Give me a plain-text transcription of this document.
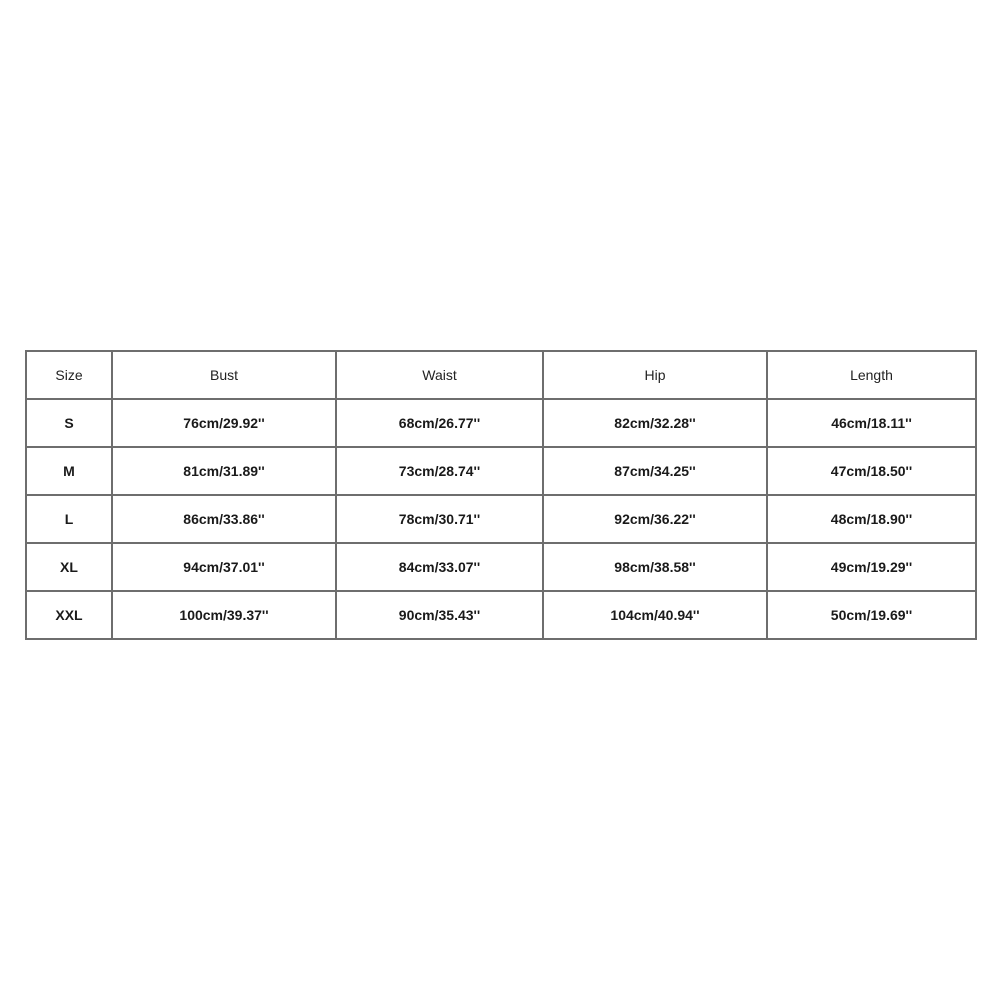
Size	Bust	Waist	Hip	Length
S	76cm/29.92''	68cm/26.77''	82cm/32.28''	46cm/18.11''
M	81cm/31.89''	73cm/28.74''	87cm/34.25''	47cm/18.50''
L	86cm/33.86''	78cm/30.71''	92cm/36.22''	48cm/18.90''
XL	94cm/37.01''	84cm/33.07''	98cm/38.58''	49cm/19.29''
XXL	100cm/39.37''	90cm/35.43''	104cm/40.94''	50cm/19.69''
